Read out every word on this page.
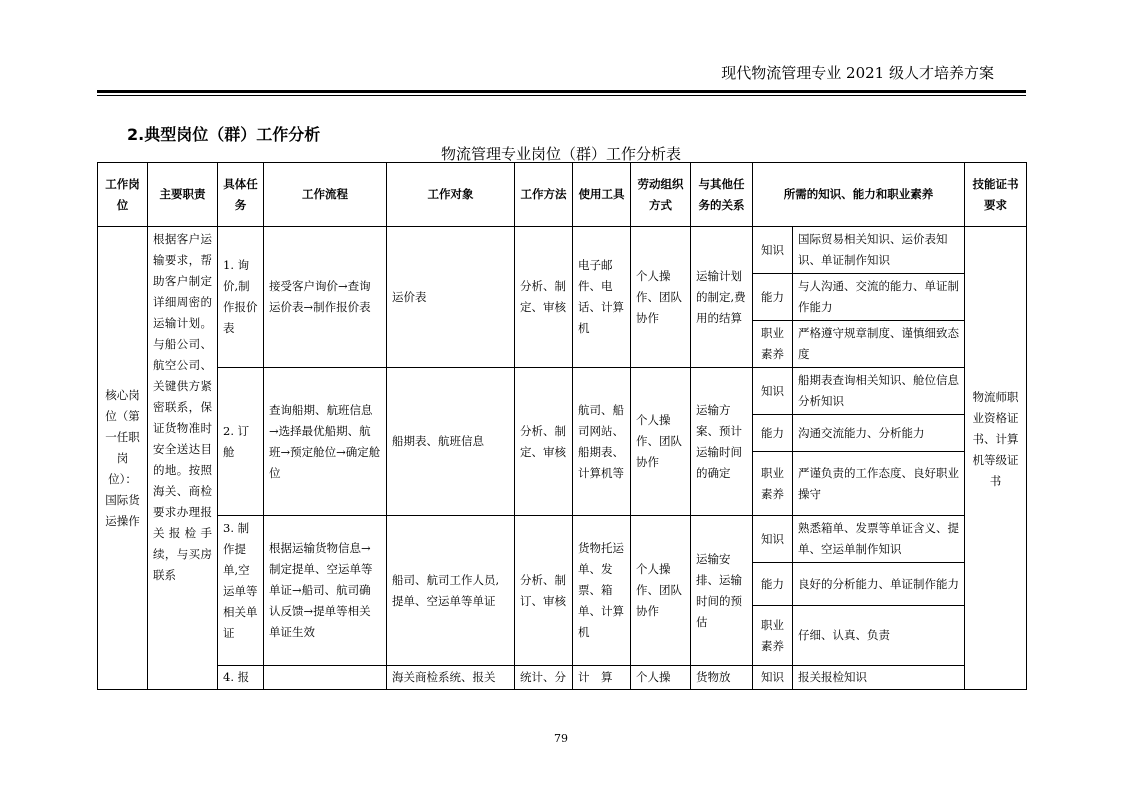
现代物流管理专业 2021 级人才培养方案
2.典型岗位（群）工作分析
物流管理专业岗位（群）工作分析表
工作岗位	主要职责	具体任务	工作流程	工作对象	工作方法	使用工具	劳动组织方式	与其他任务的关系	所需的知识、能力和职业素养		技能证书要求
核心岗位（第一任职岗位）：国际货运操作	根据客户运输要求，帮助客户制定详细周密的运输计划。与船公司、航空公司、关键供方紧密联系，保证货物准时安全送达目的地。按照海关、商检要求办理报关报检手续，与买房联系	1. 询价,制作报价表	接受客户询价→查询运价表→制作报价表	运价表	分析、制定、审核	电子邮件、电话、计算机	个人操作、团队协作	运输计划的制定,费用的结算	知识	国际贸易相关知识、运价表知识、单证制作知识	物流师职业资格证书、计算机等级证书
									能力	与人沟通、交流的能力、单证制作能力	
									职业素养	严格遵守规章制度、谨慎细致态度	
		2. 订舱	查询船期、航班信息→选择最优船期、航班→预定舱位→确定舱位	船期表、航班信息	分析、制定、审核	航司、船司网站、船期表、计算机等	个人操作、团队协作	运输方案、预计运输时间的确定	知识	船期表查询相关知识、舱位信息分析知识	
									能力	沟通交流能力、分析能力	
									职业素养	严谨负责的工作态度、良好职业操守	
		3. 制作提单,空运单等相关单证	根据运输货物信息→制定提单、空运单等单证→船司、航司确认反馈→提单等相关单证生效	船司、航司工作人员,提单、空运单等单证	分析、制订、审核	货物托运单、发票、箱单、计算机	个人操作、团队协作	运输安排、运输时间的预估	知识	熟悉箱单、发票等单证含义、提单、空运单制作知识	
									能力	良好的分析能力、单证制作能力	
									职业素养	仔细、认真、负责	
		4. 报		海关商检系统、报关	统计、分	计　算	个人操	货物放	知识	报关报检知识	
79
